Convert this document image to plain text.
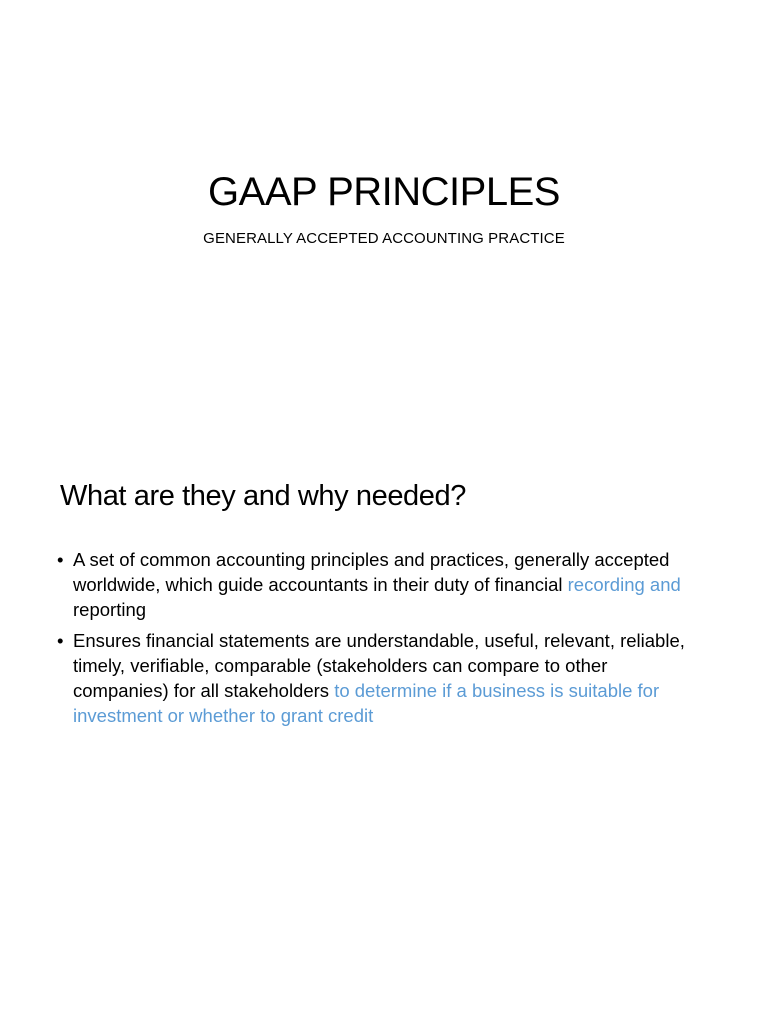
GAAP PRINCIPLES

GENERALLY ACCEPTED ACCOUNTING PRACTICE

What are they and why needed?
• A set of common accounting principles and practices, generally accepted worldwide, which guide accountants in their duty of financial recording and reporting
• Ensures financial statements are understandable, useful, relevant, reliable, timely, verifiable, comparable (stakeholders can compare to other companies) for all stakeholders to determine if a business is suitable for investment or whether to grant credit
